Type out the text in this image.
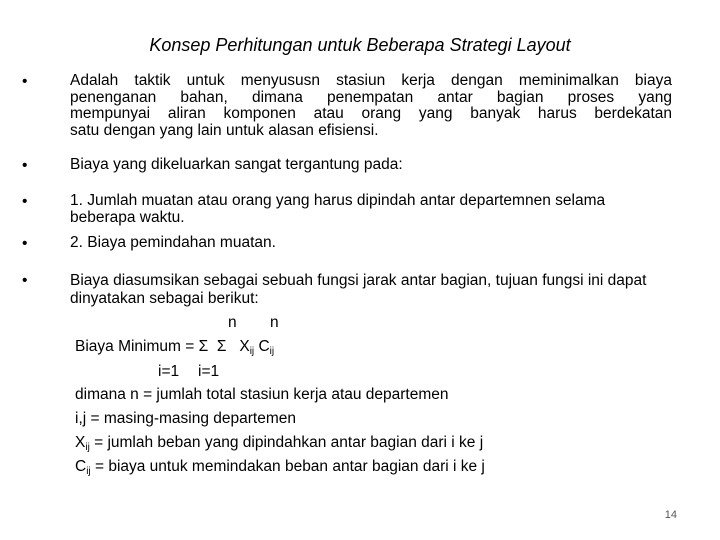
Konsep Perhitungan untuk Beberapa Strategi Layout
•	Adalah taktik untuk menyususn stasiun kerja dengan meminimalkan biaya
penenganan bahan, dimana penempatan antar bagian proses yang
mempunyai aliran komponen atau orang yang banyak harus berdekatan
satu dengan yang lain untuk alasan efisiensi.
•	Biaya yang dikeluarkan sangat tergantung pada:
•	1. Jumlah muatan atau orang yang harus dipindah antar departemnen selama beberapa waktu.
•	2. Biaya pemindahan muatan.
•	Biaya diasumsikan sebagai sebuah fungsi jarak antar bagian, tujuan fungsi ini dapat dinyatakan sebagai berikut:
n n
Biaya Minimum = Σ Σ $X_{ij}$ $C_{ij}$
i=1 i=1
dimana n = jumlah total stasiun kerja atau departemen
i,j = masing-masing departemen
$X_{ij}$ = jumlah beban yang dipindahkan antar bagian dari i ke j
$C_{ij}$ = biaya untuk memindakan beban antar bagian dari i ke j
14
